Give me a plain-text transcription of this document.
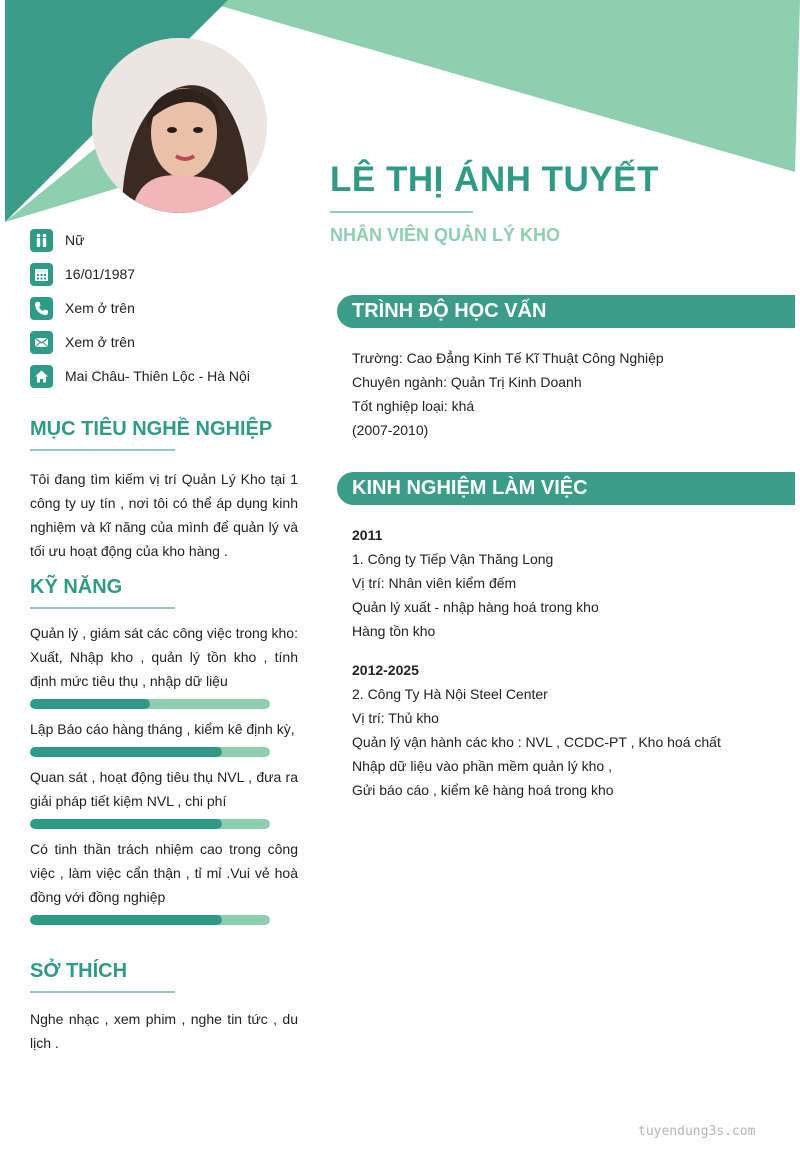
LÊ THỊ ÁNH TUYẾT
NHÂN VIÊN QUẢN LÝ KHO
Nữ
16/01/1987
Xem ở trên
Xem ở trên
Mai Châu- Thiên Lộc - Hà Nội
MỤC TIÊU NGHỀ NGHIỆP
Tôi đang tìm kiếm vị trí Quản Lý Kho tại 1 công ty uy tín , nơi tôi có thể áp dụng kinh nghiệm và kĩ năng của mình để quản lý và tối ưu hoạt động của kho hàng .
KỸ NĂNG
Quản lý , giám sát các công việc trong kho: Xuất, Nhập kho , quản lý tồn kho , tính định mức tiêu thụ , nhập dữ liệu
Lập Báo cáo hàng tháng , kiểm kê định kỳ,
Quan sát , hoạt động tiêu thụ NVL , đưa ra giải pháp tiết kiệm NVL , chi phí
Có tinh thần trách nhiệm cao trong công việc , làm việc cẩn thận , tỉ mỉ .Vui vẻ hoà đồng với đồng nghiệp
SỞ THÍCH
Nghe nhạc , xem phim , nghe tin tức , du lịch .
TRÌNH ĐỘ HỌC VẤN
Trường: Cao Đẳng Kinh Tế Kĩ Thuật Công Nghiệp
Chuyên ngành: Quản Trị Kinh Doanh
Tốt nghiệp loại: khá
(2007-2010)
KINH NGHIỆM LÀM VIỆC
2011
1. Công ty Tiếp Vận Thăng Long
Vị trí: Nhân viên kiểm đếm
Quản lý xuất - nhập hàng hoá trong kho
Hàng tồn kho
2012-2025
2. Công Ty Hà Nội Steel Center
Vị trí: Thủ kho
Quản lý vận hành các kho : NVL , CCDC-PT , Kho hoá chất
Nhập dữ liệu vào phần mềm quản lý kho ,
Gửi báo cáo , kiểm kê hàng hoá trong kho
tuyendung3s.com
